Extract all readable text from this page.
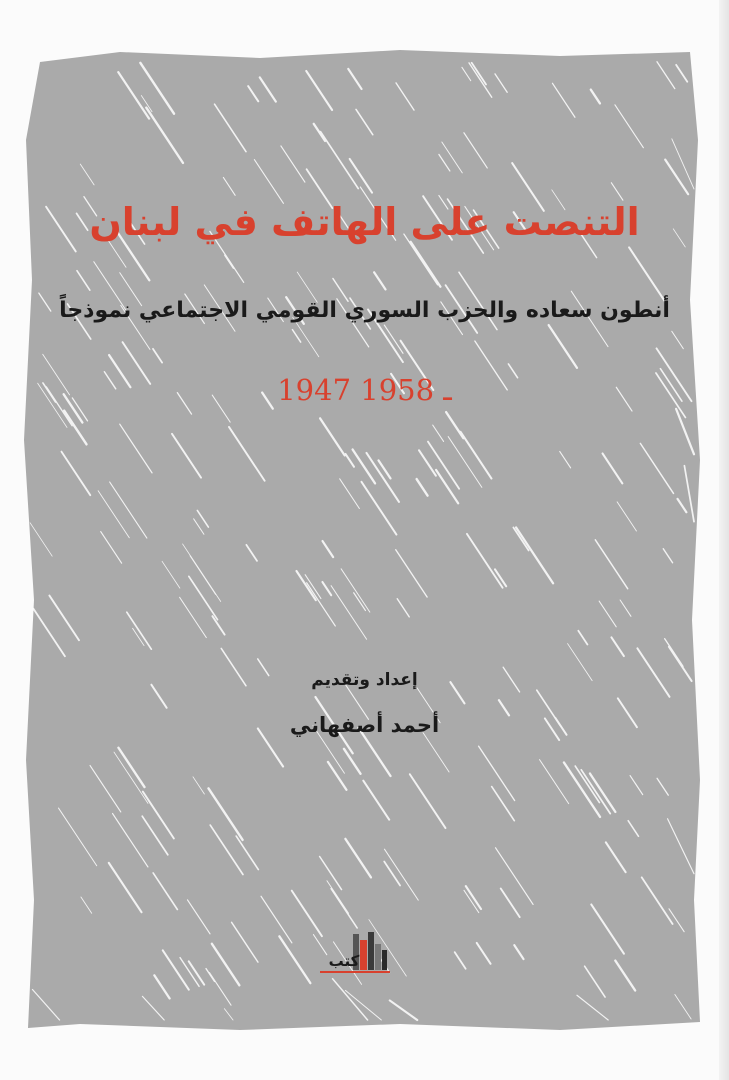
التنصت على الهاتف في لبنان
أنطون سعاده والحزب السوري القومي الاجتماعي نموذجاً
1947 ـ 1958
إعداد وتقديم
أحمد أصفهاني
كتب
